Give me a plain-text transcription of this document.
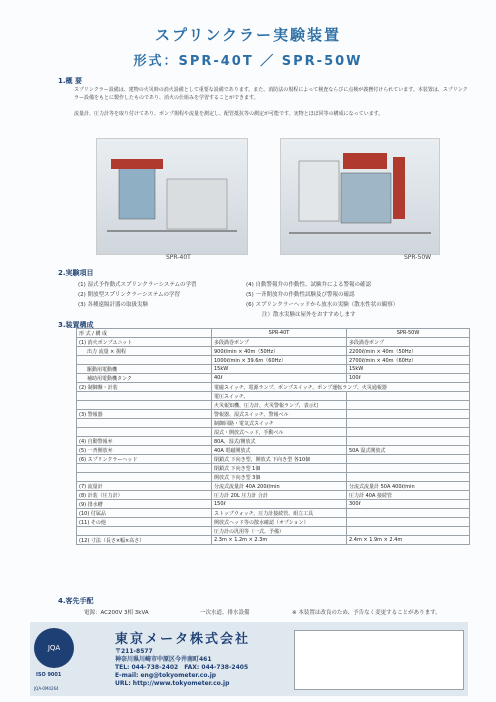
スプリンクラー実験装置
形式：SPR-40T ／ SPR-50W
1.概 要
スプリンクラー設備は、建物の火災時の消火設備として重要な設備であります。また、消防法の規程によって検査ならびに点検が義務付けられています。本装置は、スプリンクラー設備をもとに製作したものであり、消火の仕組みを学習することができます。
流量計、圧力計等を取り付けてあり、ポンプ揚程や流量を測定し、配管抵抗等の測定が可能です。実物とほぼ同等の構成になっています。
SPR-40T	SPR-50W
2.実験項目
(1) 湿式予作動式スプリンクラーシステムの学習
(2) 開放型スプリンクラーシステムの学習
(3) 各種遠隔計器の取扱実験
(4) 自動警報弁の作動性、試験弁による警報の確認
(5) 一斉開放弁の作動性試験及び警報の確認
(6) スプリンクラーヘッドから放水の実験（散水性状の観察）
注）散水実験は屋外をおすすめします
3.装置構成
形 式 / 構 成	SPR-40T	SPR-50W
(1) 消火ポンプユニット	多段渦巻ポンプ	多段渦巻ポンプ
出力 流量 × 揚程	900ℓ/min × 40m（50Hz）	2200ℓ/min × 40m（50Hz）
	1000ℓ/min × 39.6m（60Hz）	2700ℓ/min × 40m（60Hz）
駆動用電動機	15kW	15kW
補助用電動機タンク	40ℓ	100ℓ
(2) 制御盤・計装	電磁スイッチ、電源ランプ、ポンプスイッチ、ポンプ運転ランプ、火災通報器	
	電圧スイッチ、	
	火災報知機、圧力計、火災警報ランプ、表示灯	
(3) 警報器	警報器、湿式スイッチ、警報ベル	
	制御回路・電気式スイッチ	
	湿式・開放式ヘッド、手動ベル	
(4) 自動警報弁	80A、湿式/開放式	
(5) 一斉開放弁	40A 電磁開放式	50A 湿式開放式
(6) スプリンクラーヘッド	閉鎖式 下向き型、開放式 下向き型 各10個	
	閉鎖式 下向き型 1個	
	開放式 下向き型 3個	
(7) 流量計	分流式流量計 40A 200ℓ/min	分流式流量計 50A 400ℓ/min
(8) 計装（圧力計）	圧力計 20L 圧力計 合計	圧力計 40A 接続管
(9) 排水槽	150ℓ	300ℓ
(10) 付属品	ストップウォッチ、圧力計接続管、組立工具	
(11) その他	開放式ヘッド等の散水確認（オプション）	
	圧力計の汎用等（一式、予備）	
(12) 寸法（長さ×幅×高さ）	2.3m × 1.2m × 2.3m	2.4m × 1.9m × 2.4m
4.客先手配
電源：AC200V 3相 3kVA	一次水道、排水設備	※ 本装置は改良のため、予告なく変更することがあります。
JQA
ISO 9001
JQA-0M4264
東京メータ株式会社
〒211-8577
神奈川県川崎市中原区今井南町461
TEL: 044-738-2402　FAX: 044-738-2405
E-mail: eng@tokyometer.co.jp
URL: http://www.tokyometer.co.jp
